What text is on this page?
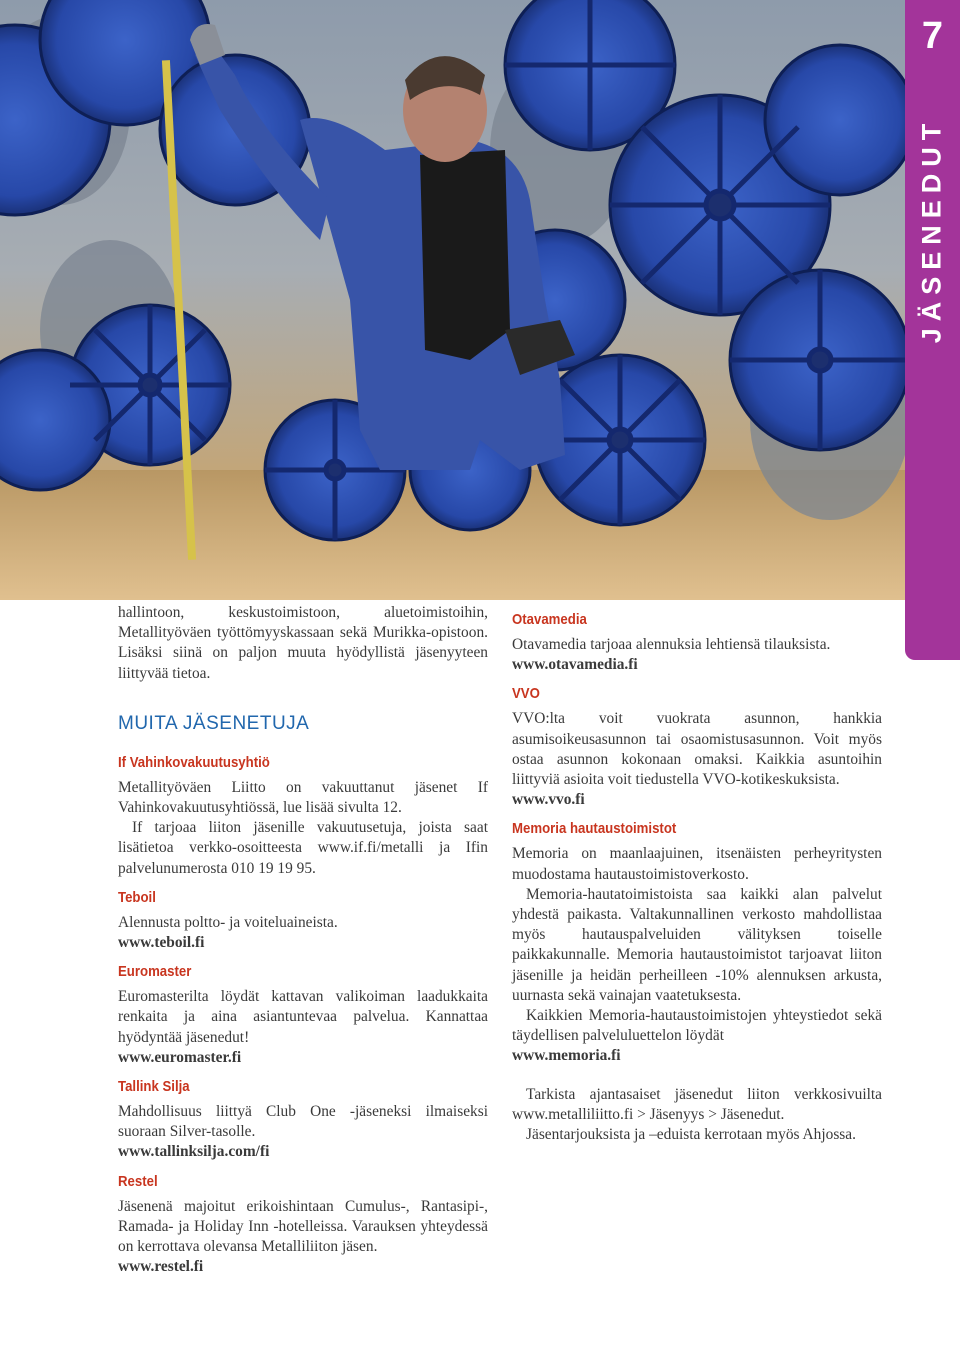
7
JÄSENEDUT

hallintoon, keskustoimistoon, aluetoimistoihin, Metallityöväen työttömyyskassaan sekä Murikka-opistoon. Lisäksi siinä on paljon muuta hyödyllistä jäsenyyteen liittyvää tietoa.

MUITA JÄSENETUJA
If Vahinkovakuutusyhtiö

Metallityöväen Liitto on vakuuttanut jäsenet If Vahinkovakuutusyhtiössä, lue lisää sivulta 12.

If tarjoaa liiton jäsenille vakuutusetuja, joista saat lisätietoa verkko-osoitteesta www.if.fi/metalli ja Ifin palvelunumerosta 010 19 19 95.

Teboil

Alennusta poltto- ja voiteluaineista.

www.teboil.fi

Euromaster

Euromasterilta löydät kattavan valikoiman laadukkaita renkaita ja aina asiantuntevaa palvelua. Kannattaa hyödyntää jäsenedut!

www.euromaster.fi

Tallink Silja

Mahdollisuus liittyä Club One -jäseneksi ilmaiseksi suoraan Silver-tasolle.

www.tallinksilja.com/fi

Restel

Jäsenenä majoitut erikoishintaan Cumulus-, Rantasipi-, Ramada- ja Holiday Inn -hotelleissa. Varauksen yhteydessä on kerrottava olevansa Metalliliiton jäsen.

www.restel.fi

Otavamedia

Otavamedia tarjoaa alennuksia lehtiensä tilauksista.

www.otavamedia.fi

VVO

VVO:lta voit vuokrata asunnon, hankkia asumisoikeusasunnon tai osaomistusasunnon. Voit myös ostaa asunnon kokonaan omaksi. Kaikkia asuntoihin liittyviä asioita voit tiedustella VVO-kotikeskuksista.

www.vvo.fi

Memoria hautaustoimistot

Memoria on maanlaajuinen, itsenäisten perheyritysten muodostama hautaustoimistoverkosto.

Memoria-hautatoimistoista saa kaikki alan palvelut yhdestä paikasta. Valtakunnallinen verkosto mahdollistaa myös hautauspalveluiden välityksen toiselle paikkakunnalle. Memoria hautaustoimistot tarjoavat liiton jäsenille ja heidän perheilleen -10% alennuksen arkusta, uurnasta sekä vainajan vaatetuksesta.

Kaikkien Memoria-hautaustoimistojen yhteystiedot sekä täydellisen palveluluettelon löydät

www.memoria.fi

Tarkista ajantasaiset jäsenedut liiton verkkosivuilta www.metalliliitto.fi > Jäsenyys > Jäsenedut.

Jäsentarjouksista ja –eduista kerrotaan myös Ahjossa.
